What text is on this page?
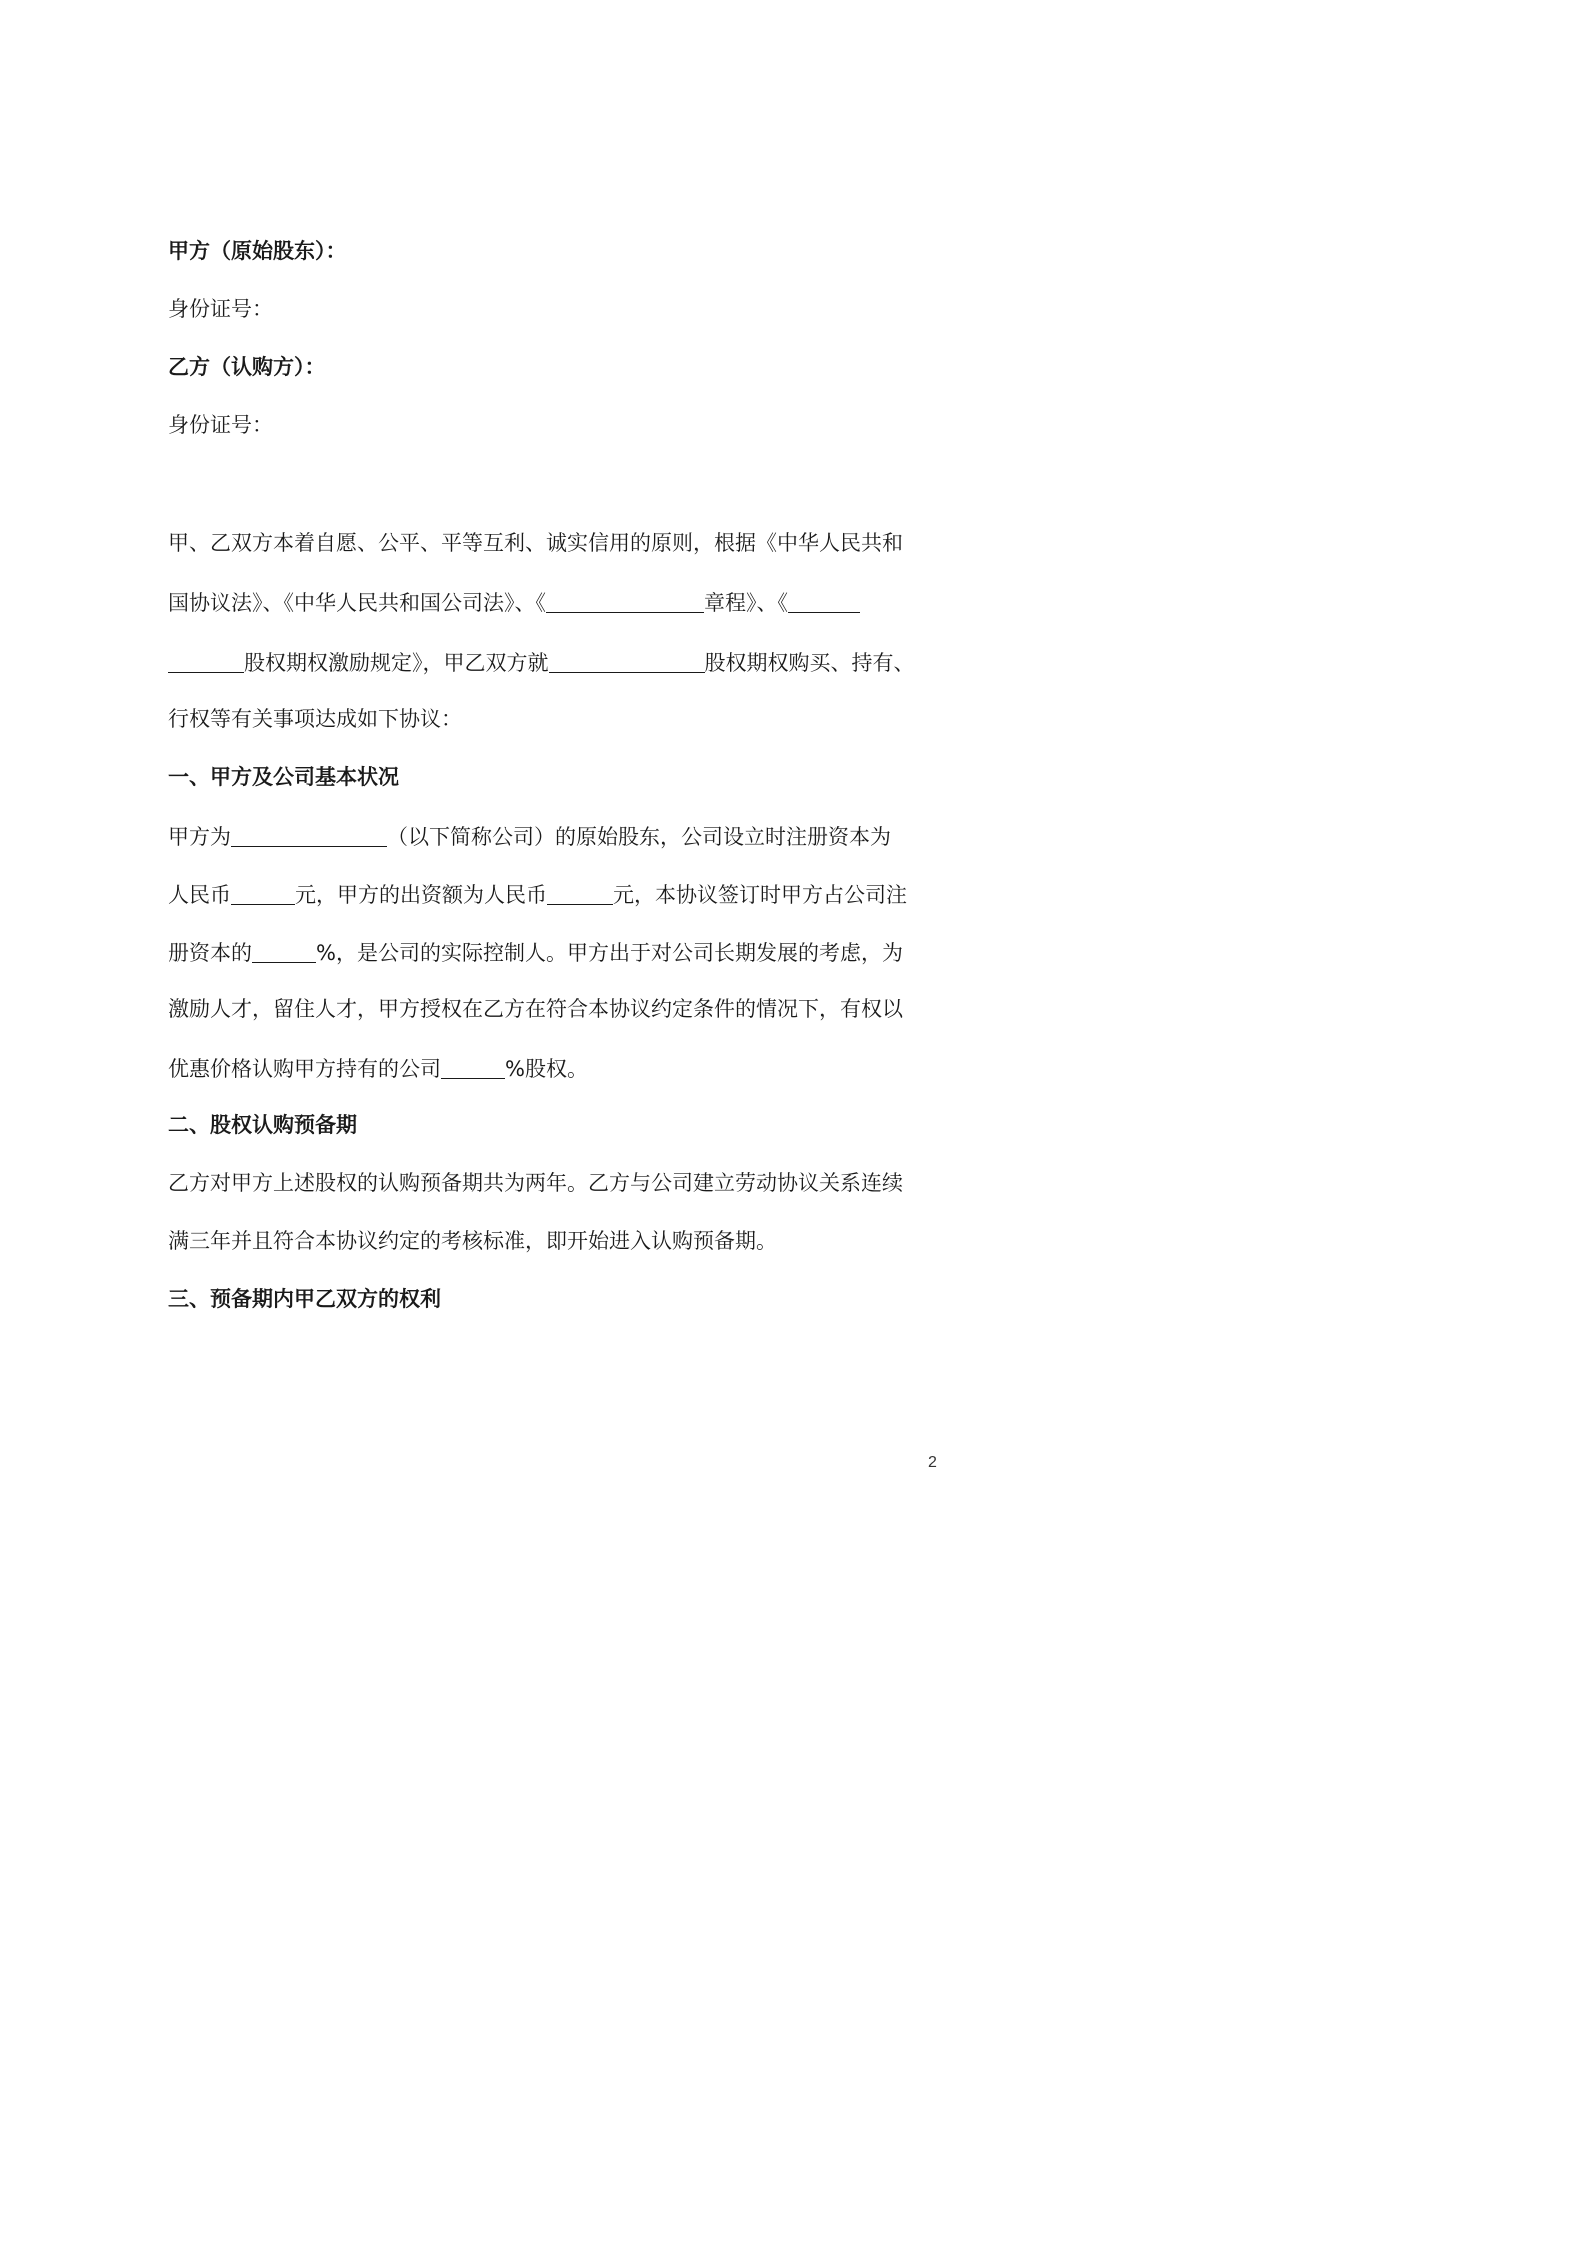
甲方（原始股东）：
身份证号：
乙方（认购方）：
身份证号：
甲、乙双方本着自愿、公平、平等互利、诚实信用的原则，根据《中华人民共和
国协议法》、《中华人民共和国公司法》、《	章程》、《
股权期权激励规定》，甲乙双方就	股权期权购买、持有、
行权等有关事项达成如下协议：
一、甲方及公司基本状况
甲方为	（以下简称公司）的原始股东，公司设立时注册资本为
人民币	元，甲方的出资额为人民币	元，本协议签订时甲方占公司注
册资本的	%，是公司的实际控制人。甲方出于对公司长期发展的考虑，为
激励人才，留住人才，甲方授权在乙方在符合本协议约定条件的情况下，有权以
优惠价格认购甲方持有的公司	%股权。
二、股权认购预备期
乙方对甲方上述股权的认购预备期共为两年。乙方与公司建立劳动协议关系连续
满三年并且符合本协议约定的考核标准，即开始进入认购预备期。
三、预备期内甲乙双方的权利
2
